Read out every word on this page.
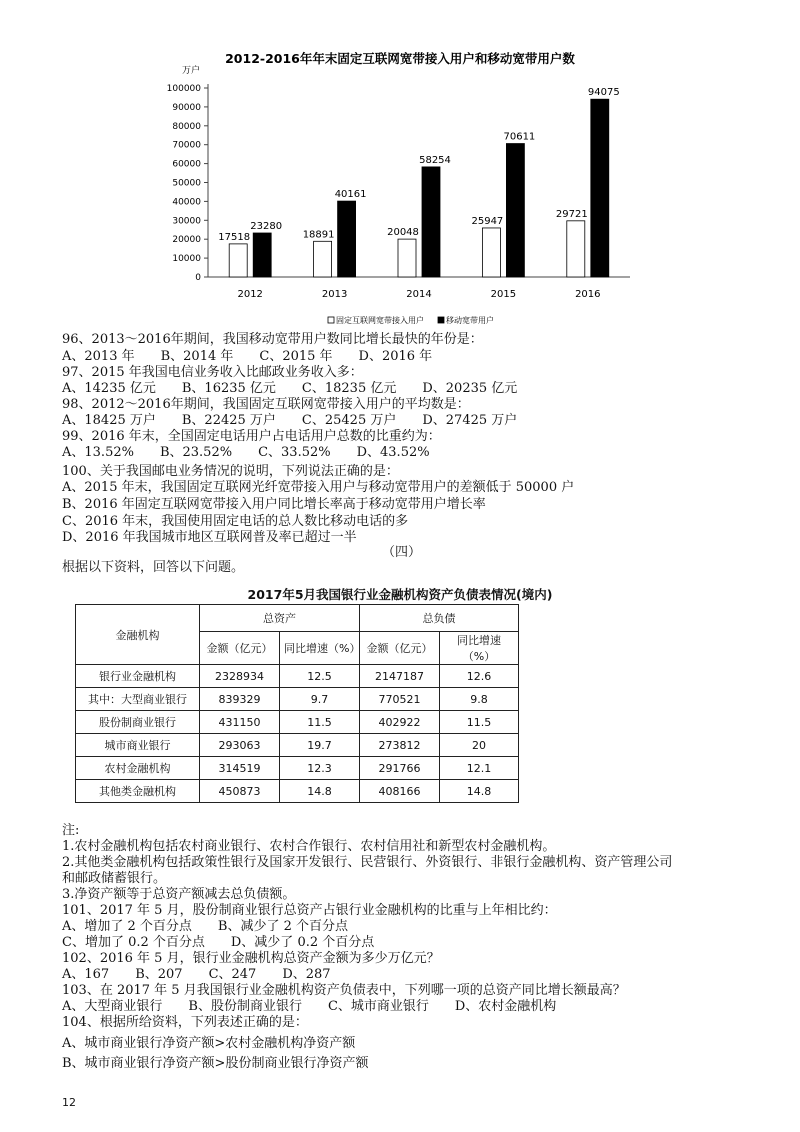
2012-2016年年末固定互联网宽带接入用户和移动宽带用户数
万户
0
10000
20000
30000
40000
50000
60000
70000
80000
90000
100000
2012
17518
23280
2013
18891
40161
2014
20048
58254
2015
25947
70611
2016
29721
94075
固定互联网宽带接入用户	移动宽带用户
96、2013～2016年期间，我国移动宽带用户数同比增长最快的年份是：
A、2013 年　　B、2014 年　　C、2015 年　　D、2016 年
97、2015 年我国电信业务收入比邮政业务收入多：
A、14235 亿元　　B、16235 亿元　　C、18235 亿元　　D、20235 亿元
98、2012～2016年期间，我国固定互联网宽带接入用户的平均数是：
A、18425 万户　　B、22425 万户　　C、25425 万户　　D、27425 万户
99、2016 年末，全国固定电话用户占电话用户总数的比重约为：
A、13.52%　　B、23.52%　　C、33.52%　　D、43.52%
100、关于我国邮电业务情况的说明，下列说法正确的是：
A、2015 年末，我国固定互联网光纤宽带接入用户与移动宽带用户的差额低于 50000 户
B、2016 年固定互联网宽带接入用户同比增长率高于移动宽带用户增长率
C、2016 年末，我国使用固定电话的总人数比移动电话的多
D、2016 年我国城市地区互联网普及率已超过一半
（四）
根据以下资料，回答以下问题。
2017年5月我国银行业金融机构资产负债表情况(境内)
金融机构	总资产		总负债	
	金额（亿元）	同比增速（%）	金额（亿元）	同比增速（%）
银行业金融机构	2328934	12.5	2147187	12.6
其中：大型商业银行	839329	9.7	770521	9.8
股份制商业银行	431150	11.5	402922	11.5
城市商业银行	293063	19.7	273812	20
农村金融机构	314519	12.3	291766	12.1
其他类金融机构	450873	14.8	408166	14.8
注:
1.农村金融机构包括农村商业银行、农村合作银行、农村信用社和新型农村金融机构。
2.其他类金融机构包括政策性银行及国家开发银行、民营银行、外资银行、非银行金融机构、资产管理公司
和邮政储蓄银行。
3.净资产额等于总资产额减去总负债额。
101、2017 年 5 月，股份制商业银行总资产占银行业金融机构的比重与上年相比约：
A、增加了 2 个百分点　　B、减少了 2 个百分点
C、增加了 0.2 个百分点　　D、减少了 0.2 个百分点
102、2016 年 5 月，银行业金融机构总资产金额为多少万亿元？
A、167　　B、207　　C、247　　D、287
103、在 2017 年 5 月我国银行业金融机构资产负债表中，下列哪一项的总资产同比增长额最高？
A、大型商业银行　　B、股份制商业银行　　C、城市商业银行　　D、农村金融机构
104、根据所给资料，下列表述正确的是：
A、城市商业银行净资产额>农村金融机构净资产额
B、城市商业银行净资产额>股份制商业银行净资产额
12
